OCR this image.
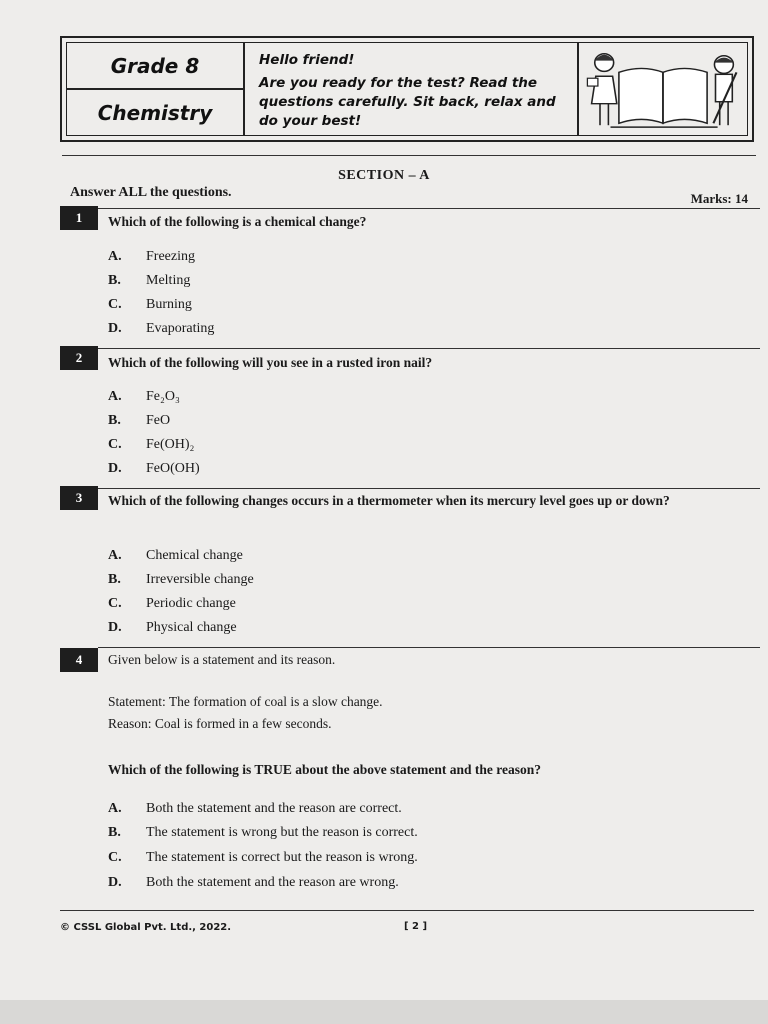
Grade 8
Chemistry
Hello friend!
Are you ready for the test? Read the questions carefully. Sit back, relax and do your best!
SECTION – A
Answer ALL the questions.	Marks: 14
1	Which of the following is a chemical change?
A. Freezing
B. Melting
C. Burning
D. Evaporating
2	Which of the following will you see in a rusted iron nail?
A. Fe₂O₃
B. FeO
C. Fe(OH)₂
D. FeO(OH)
3	Which of the following changes occurs in a thermometer when its mercury level goes up or down?
A. Chemical change
B. Irreversible change
C. Periodic change
D. Physical change
4	Given below is a statement and its reason.
Statement: The formation of coal is a slow change.
Reason: Coal is formed in a few seconds.
Which of the following is TRUE about the above statement and the reason?
A. Both the statement and the reason are correct.
B. The statement is wrong but the reason is correct.
C. The statement is correct but the reason is wrong.
D. Both the statement and the reason are wrong.
© CSSL Global Pvt. Ltd., 2022.	[ 2 ]
